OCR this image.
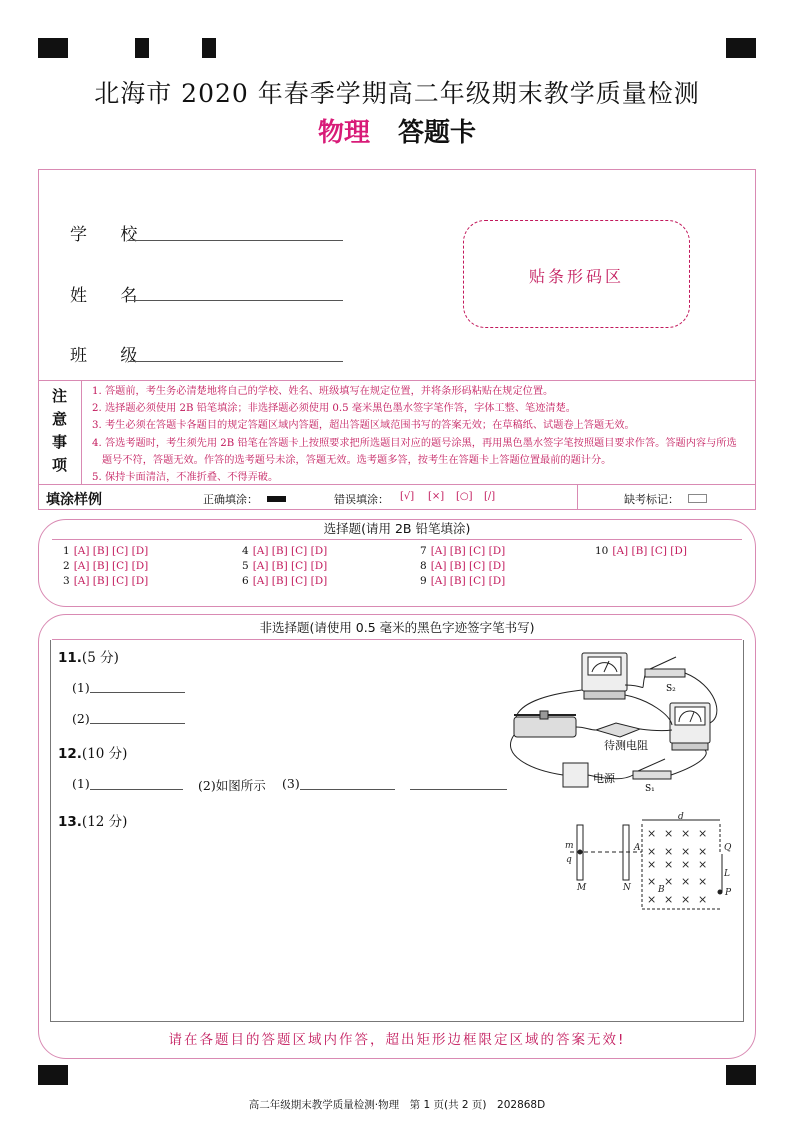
北海市 2020 年春季学期高二年级期末教学质量检测
物理 答题卡
学 校
姓 名
班 级
贴条形码区
注
意
事
项
1. 答题前，考生务必清楚地将自己的学校、姓名、班级填写在规定位置，并将条形码粘贴在规定位置。
2. 选择题必须使用 2B 铅笔填涂；非选择题必须使用 0.5 毫米黑色墨水签字笔作答，字体工整、笔迹清楚。
3. 考生必须在答题卡各题目的规定答题区域内答题，超出答题区域范围书写的答案无效；在草稿纸、试题卷上答题无效。
4. 答选考题时，考生须先用 2B 铅笔在答题卡上按照要求把所选题目对应的题号涂黑，再用黑色墨水签字笔按照题目要求作答。答题内容与所选
题号不符，答题无效。作答的选考题号未涂，答题无效。选考题多答，按考生在答题卡上答题位置最前的题计分。
5. 保持卡面清洁，不准折叠、不得弄破。
填涂样例	正确填涂：	错误填涂： [√] [×] [○] [/]	缺考标记：
选择题(请用 2B 铅笔填涂)
1 [A] [B] [C] [D]
2 [A] [B] [C] [D]
3 [A] [B] [C] [D]
4 [A] [B] [C] [D]
5 [A] [B] [C] [D]
6 [A] [B] [C] [D]
7 [A] [B] [C] [D]
8 [A] [B] [C] [D]
9 [A] [B] [C] [D]
10 [A] [B] [C] [D]
非选择题(请使用 0.5 毫米的黑色字迹签字笔书写)
11.(5 分)
(1)
(2)
12.(10 分)
(1)	(2)如图所示 (3)
S₂
待测电阻
电源
S₁
13.(12 分)
× × × ×
× × × ×
× × × ×
× × × ×
× × × ×
d
m
q
M	N
A
B
Q
L
P
请在各题目的答题区域内作答，超出矩形边框限定区域的答案无效!
高二年级期末教学质量检测·物理　第 1 页(共 2 页)　202868D
